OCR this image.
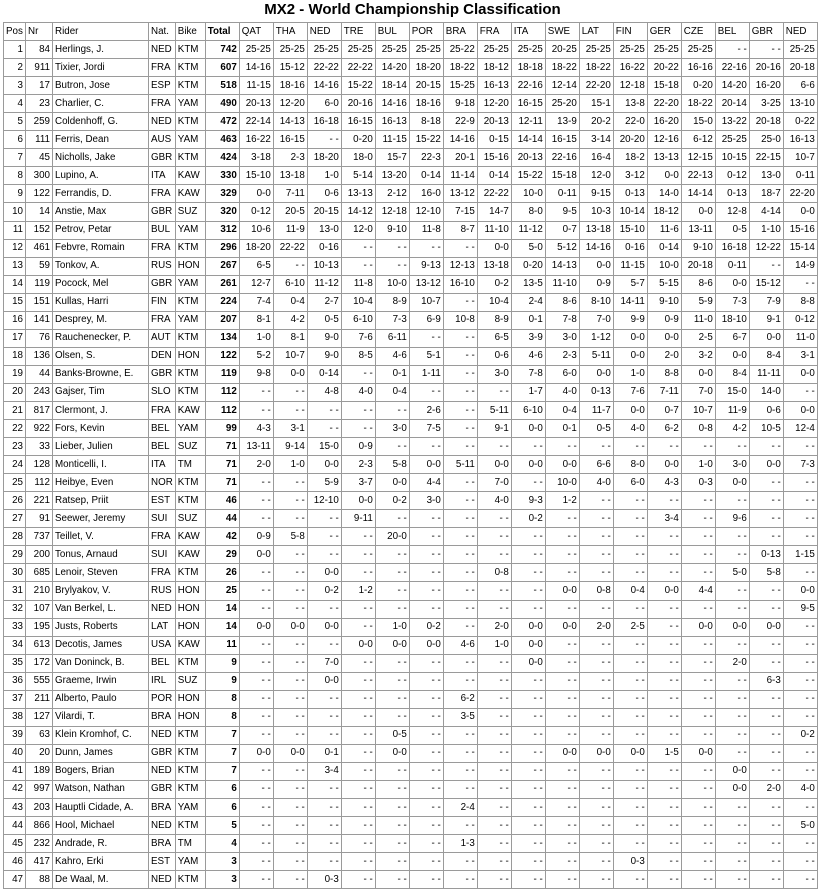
MX2 - World Championship Classification
Pos	Nr	Rider	Nat.	Bike	Total	QAT	THA	NED	TRE	BUL	POR	BRA	FRA	ITA	SWE	LAT	FIN	GER	CZE	BEL	GBR	NED
1	84	Herlings, J.	NED	KTM	742	25-25	25-25	25-25	25-25	25-25	25-25	25-22	25-25	25-25	20-25	25-25	25-25	25-25	25-25	- -	- -	25-25
2	911	Tixier, Jordi	FRA	KTM	607	14-16	15-12	22-22	22-22	14-20	18-20	18-22	18-12	18-18	18-22	18-22	16-22	20-22	16-16	22-16	20-16	20-18
3	17	Butron, Jose	ESP	KTM	518	11-15	18-16	14-16	15-22	18-14	20-15	15-25	16-13	22-16	12-14	22-20	12-18	15-18	0-20	14-20	16-20	6-6
4	23	Charlier, C.	FRA	YAM	490	20-13	12-20	6-0	20-16	14-16	18-16	9-18	12-20	16-15	25-20	15-1	13-8	22-20	18-22	20-14	3-25	13-10
5	259	Coldenhoff, G.	NED	KTM	472	22-14	14-13	16-18	16-15	16-13	8-18	22-9	20-13	12-11	13-9	20-2	22-0	16-20	15-0	13-22	20-18	0-22
6	111	Ferris, Dean	AUS	YAM	463	16-22	16-15	- -	0-20	11-15	15-22	14-16	0-15	14-14	16-15	3-14	20-20	12-16	6-12	25-25	25-0	16-13
7	45	Nicholls, Jake	GBR	KTM	424	3-18	2-3	18-20	18-0	15-7	22-3	20-1	15-16	20-13	22-16	16-4	18-2	13-13	12-15	10-15	22-15	10-7
8	300	Lupino, A.	ITA	KAW	330	15-10	13-18	1-0	5-14	13-20	0-14	11-14	0-14	15-22	15-18	12-0	3-12	0-0	22-13	0-12	13-0	0-11
9	122	Ferrandis, D.	FRA	KAW	329	0-0	7-11	0-6	13-13	2-12	16-0	13-12	22-22	10-0	0-11	9-15	0-13	14-0	14-14	0-13	18-7	22-20
10	14	Anstie, Max	GBR	SUZ	320	0-12	20-5	20-15	14-12	12-18	12-10	7-15	14-7	8-0	9-5	10-3	10-14	18-12	0-0	12-8	4-14	0-0
11	152	Petrov, Petar	BUL	YAM	312	10-6	11-9	13-0	12-0	9-10	11-8	8-7	11-10	11-12	0-7	13-18	15-10	11-6	13-11	0-5	1-10	15-16
12	461	Febvre, Romain	FRA	KTM	296	18-20	22-22	0-16	- -	- -	- -	- -	0-0	5-0	5-12	14-16	0-16	0-14	9-10	16-18	12-22	15-14
13	59	Tonkov, A.	RUS	HON	267	6-5	- -	10-13	- -	- -	9-13	12-13	13-18	0-20	14-13	0-0	11-15	10-0	20-18	0-11	- -	14-9
14	119	Pocock, Mel	GBR	YAM	261	12-7	6-10	11-12	11-8	10-0	13-12	16-10	0-2	13-5	11-10	0-9	5-7	5-15	8-6	0-0	15-12	- -
15	151	Kullas, Harri	FIN	KTM	224	7-4	0-4	2-7	10-4	8-9	10-7	- -	10-4	2-4	8-6	8-10	14-11	9-10	5-9	7-3	7-9	8-8
16	141	Desprey, M.	FRA	YAM	207	8-1	4-2	0-5	6-10	7-3	6-9	10-8	8-9	0-1	7-8	7-0	9-9	0-9	11-0	18-10	9-1	0-12
17	76	Rauchenecker, P.	AUT	KTM	134	1-0	8-1	9-0	7-6	6-11	- -	- -	6-5	3-9	3-0	1-12	0-0	0-0	2-5	6-7	0-0	11-0
18	136	Olsen, S.	DEN	HON	122	5-2	10-7	9-0	8-5	4-6	5-1	- -	0-6	4-6	2-3	5-11	0-0	2-0	3-2	0-0	8-4	3-1
19	44	Banks-Browne, E.	GBR	KTM	119	9-8	0-0	0-14	- -	0-1	1-11	- -	3-0	7-8	6-0	0-0	1-0	8-8	0-0	8-4	11-11	0-0
20	243	Gajser, Tim	SLO	KTM	112	- -	- -	4-8	4-0	0-4	- -	- -	- -	1-7	4-0	0-13	7-6	7-11	7-0	15-0	14-0	- -
21	817	Clermont, J.	FRA	KAW	112	- -	- -	- -	- -	- -	2-6	- -	5-11	6-10	0-4	11-7	0-0	0-7	10-7	11-9	0-6	0-0
22	922	Fors, Kevin	BEL	YAM	99	4-3	3-1	- -	- -	3-0	7-5	- -	9-1	0-0	0-1	0-5	4-0	6-2	0-8	4-2	10-5	12-4
23	33	Lieber, Julien	BEL	SUZ	71	13-11	9-14	15-0	0-9	- -	- -	- -	- -	- -	- -	- -	- -	- -	- -	- -	- -	- -
24	128	Monticelli, I.	ITA	TM	71	2-0	1-0	0-0	2-3	5-8	0-0	5-11	0-0	0-0	0-0	6-6	8-0	0-0	1-0	3-0	0-0	7-3
25	112	Heibye, Even	NOR	KTM	71	- -	- -	5-9	3-7	0-0	4-4	- -	7-0	- -	10-0	4-0	6-0	4-3	0-3	0-0	- -	- -
26	221	Ratsep, Priit	EST	KTM	46	- -	- -	12-10	0-0	0-2	3-0	- -	4-0	9-3	1-2	- -	- -	- -	- -	- -	- -	- -
27	91	Seewer, Jeremy	SUI	SUZ	44	- -	- -	- -	9-11	- -	- -	- -	- -	0-2	- -	- -	- -	3-4	- -	9-6	- -	- -
28	737	Teillet, V.	FRA	KAW	42	0-9	5-8	- -	- -	20-0	- -	- -	- -	- -	- -	- -	- -	- -	- -	- -	- -	- -
29	200	Tonus, Arnaud	SUI	KAW	29	0-0	- -	- -	- -	- -	- -	- -	- -	- -	- -	- -	- -	- -	- -	- -	0-13	1-15
30	685	Lenoir, Steven	FRA	KTM	26	- -	- -	0-0	- -	- -	- -	- -	0-8	- -	- -	- -	- -	- -	- -	5-0	5-8	- -
31	210	Brylyakov, V.	RUS	HON	25	- -	- -	0-2	1-2	- -	- -	- -	- -	- -	0-0	0-8	0-4	0-0	4-4	- -	- -	0-0
32	107	Van Berkel, L.	NED	HON	14	- -	- -	- -	- -	- -	- -	- -	- -	- -	- -	- -	- -	- -	- -	- -	- -	9-5
33	195	Justs, Roberts	LAT	HON	14	0-0	0-0	0-0	- -	1-0	0-2	- -	2-0	0-0	0-0	2-0	2-5	- -	0-0	0-0	0-0	- -
34	613	Decotis, James	USA	KAW	11	- -	- -	- -	0-0	0-0	0-0	4-6	1-0	0-0	- -	- -	- -	- -	- -	- -	- -	- -
35	172	Van Doninck, B.	BEL	KTM	9	- -	- -	7-0	- -	- -	- -	- -	- -	0-0	- -	- -	- -	- -	- -	2-0	- -	- -
36	555	Graeme, Irwin	IRL	SUZ	9	- -	- -	0-0	- -	- -	- -	- -	- -	- -	- -	- -	- -	- -	- -	- -	6-3	- -
37	211	Alberto, Paulo	POR	HON	8	- -	- -	- -	- -	- -	- -	6-2	- -	- -	- -	- -	- -	- -	- -	- -	- -	- -
38	127	Vilardi, T.	BRA	HON	8	- -	- -	- -	- -	- -	- -	3-5	- -	- -	- -	- -	- -	- -	- -	- -	- -	- -
39	63	Klein Kromhof, C.	NED	KTM	7	- -	- -	- -	- -	0-5	- -	- -	- -	- -	- -	- -	- -	- -	- -	- -	- -	0-2
40	20	Dunn, James	GBR	KTM	7	0-0	0-0	0-1	- -	0-0	- -	- -	- -	- -	0-0	0-0	0-0	1-5	0-0	- -	- -	- -
41	189	Bogers, Brian	NED	KTM	7	- -	- -	3-4	- -	- -	- -	- -	- -	- -	- -	- -	- -	- -	- -	0-0	- -	- -
42	997	Watson, Nathan	GBR	KTM	6	- -	- -	- -	- -	- -	- -	- -	- -	- -	- -	- -	- -	- -	- -	0-0	2-0	4-0
43	203	Hauptli Cidade, A.	BRA	YAM	6	- -	- -	- -	- -	- -	- -	2-4	- -	- -	- -	- -	- -	- -	- -	- -	- -	- -
44	866	Hool, Michael	NED	KTM	5	- -	- -	- -	- -	- -	- -	- -	- -	- -	- -	- -	- -	- -	- -	- -	- -	5-0
45	232	Andrade, R.	BRA	TM	4	- -	- -	- -	- -	- -	- -	1-3	- -	- -	- -	- -	- -	- -	- -	- -	- -	- -
46	417	Kahro, Erki	EST	YAM	3	- -	- -	- -	- -	- -	- -	- -	- -	- -	- -	- -	0-3	- -	- -	- -	- -	- -
47	88	De Waal, M.	NED	KTM	3	- -	- -	0-3	- -	- -	- -	- -	- -	- -	- -	- -	- -	- -	- -	- -	- -	- -
